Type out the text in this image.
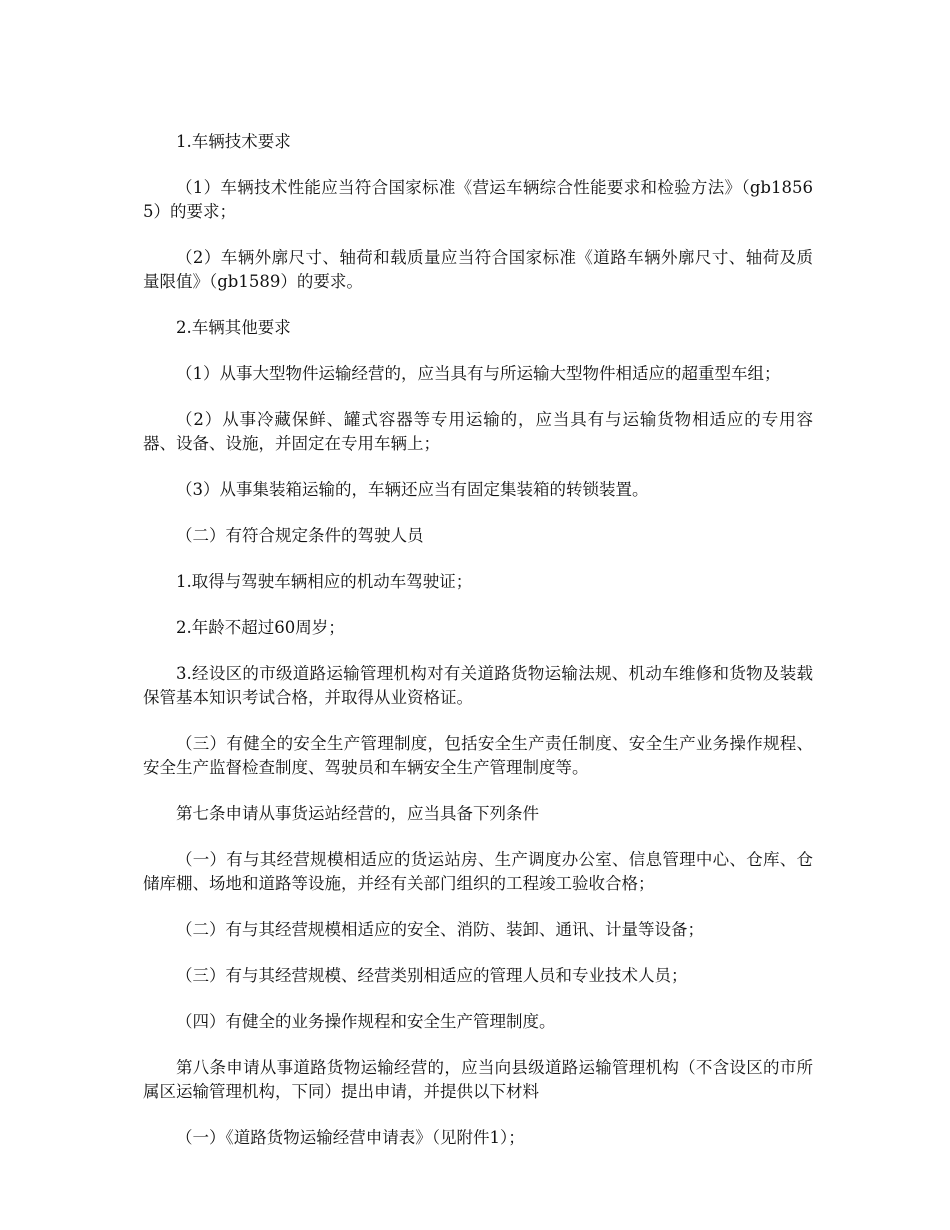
1.车辆技术要求

（1）车辆技术性能应当符合国家标准《营运车辆综合性能要求和检验方法》（gb18565）的要求；

（2）车辆外廓尺寸、轴荷和载质量应当符合国家标准《道路车辆外廓尺寸、轴荷及质量限值》（gb1589）的要求。

2.车辆其他要求

（1）从事大型物件运输经营的，应当具有与所运输大型物件相适应的超重型车组；

（2）从事冷藏保鲜、罐式容器等专用运输的，应当具有与运输货物相适应的专用容器、设备、设施，并固定在专用车辆上；

（3）从事集装箱运输的，车辆还应当有固定集装箱的转锁装置。

（二）有符合规定条件的驾驶人员

1.取得与驾驶车辆相应的机动车驾驶证；

2.年龄不超过60周岁；

3.经设区的市级道路运输管理机构对有关道路货物运输法规、机动车维修和货物及装载保管基本知识考试合格，并取得从业资格证。

（三）有健全的安全生产管理制度，包括安全生产责任制度、安全生产业务操作规程、安全生产监督检查制度、驾驶员和车辆安全生产管理制度等。

第七条申请从事货运站经营的，应当具备下列条件

（一）有与其经营规模相适应的货运站房、生产调度办公室、信息管理中心、仓库、仓储库棚、场地和道路等设施，并经有关部门组织的工程竣工验收合格；

（二）有与其经营规模相适应的安全、消防、装卸、通讯、计量等设备；

（三）有与其经营规模、经营类别相适应的管理人员和专业技术人员；

（四）有健全的业务操作规程和安全生产管理制度。

第八条申请从事道路货物运输经营的，应当向县级道路运输管理机构（不含设区的市所属区运输管理机构，下同）提出申请，并提供以下材料

（一）《道路货物运输经营申请表》（见附件1）；
